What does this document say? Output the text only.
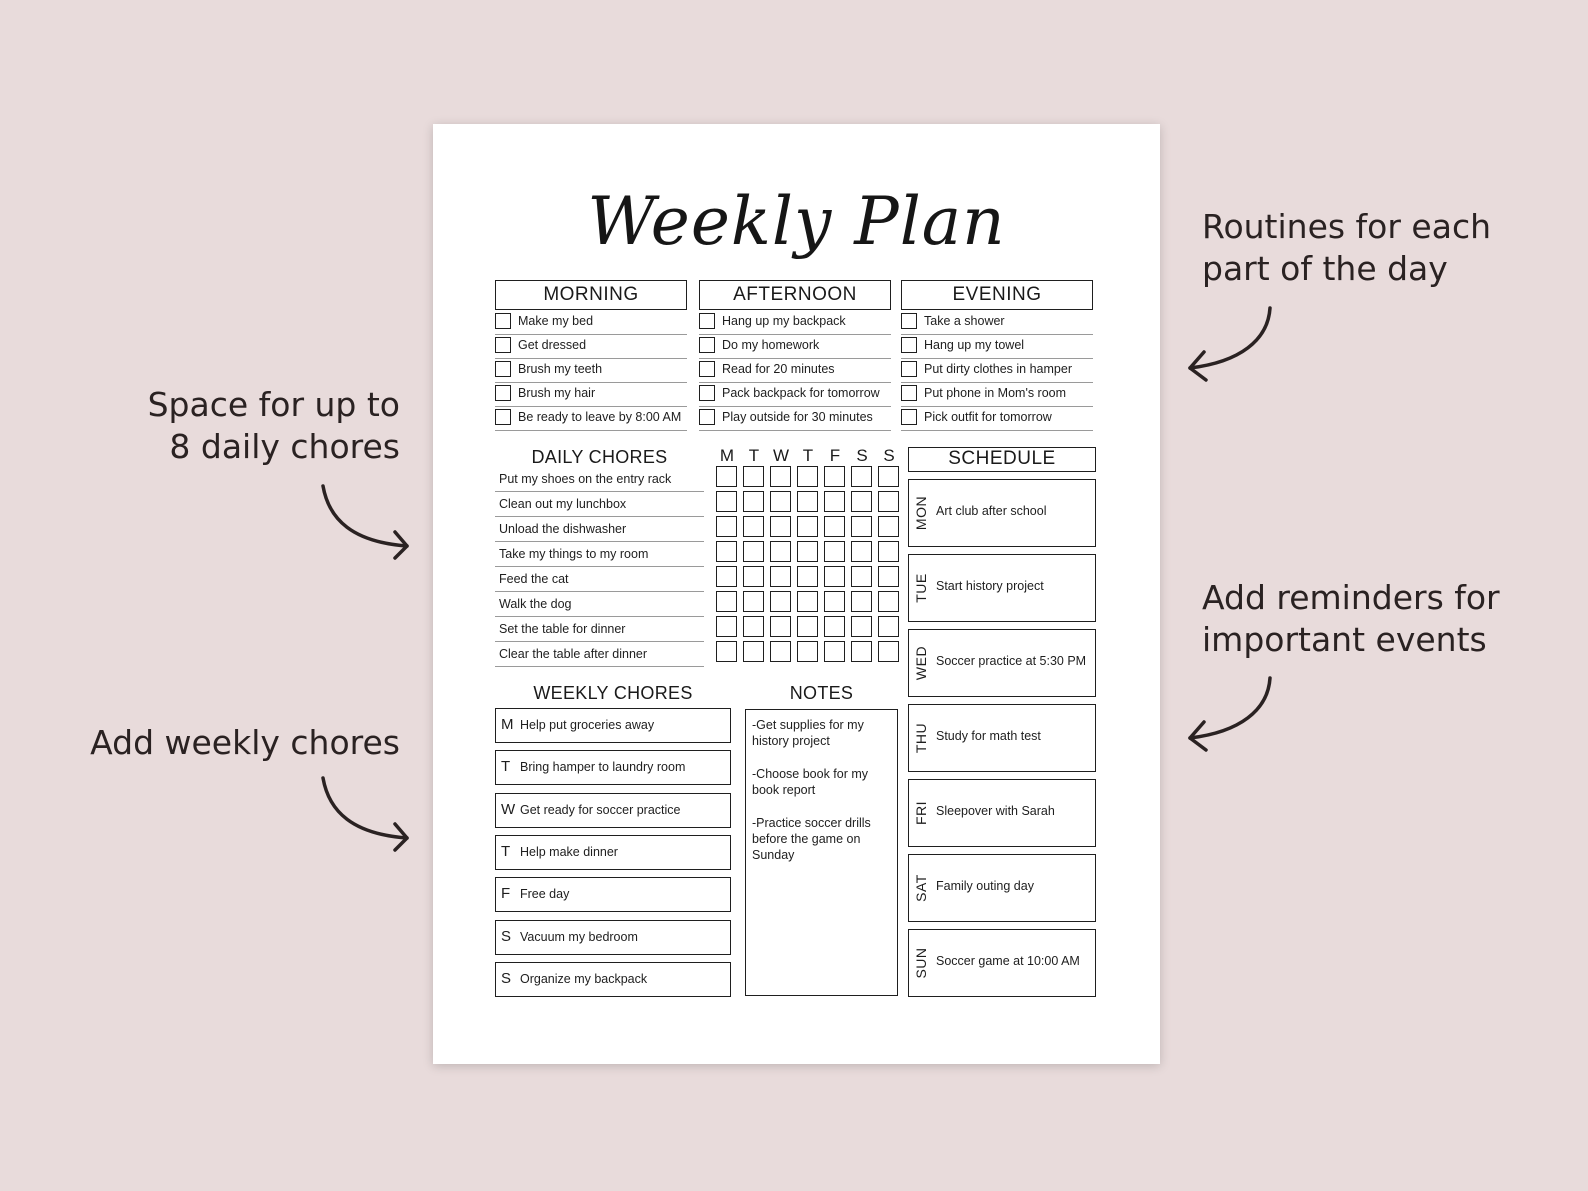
Routines for each
part of the day
Space for up to
8 daily chores
Add reminders for
important events
Add weekly chores
Weekly Plan
MORNING
Make my bed
Get dressed
Brush my teeth
Brush my hair
Be ready to leave by 8:00 AM
AFTERNOON
Hang up my backpack
Do my homework
Read for 20 minutes
Pack backpack for tomorrow
Play outside for 30 minutes
EVENING
Take a shower
Hang up my towel
Put dirty clothes in hamper
Put phone in Mom's room
Pick outfit for tomorrow
DAILY CHORES	M T W T F S S
Put my shoes on the entry rack
Clean out my lunchbox
Unload the dishwasher
Take my things to my room
Feed the cat
Walk the dog
Set the table for dinner
Clear the table after dinner
WEEKLY CHORES
M Help put groceries away
T Bring hamper to laundry room
W Get ready for soccer practice
T Help make dinner
F Free day
S Vacuum my bedroom
S Organize my backpack
NOTES
-Get supplies for my history project
-Choose book for my book report
-Practice soccer drills before the game on Sunday
SCHEDULE
MON Art club after school
TUE Start history project
WED Soccer practice at 5:30 PM
THU Study for math test
FRI Sleepover with Sarah
SAT Family outing day
SUN Soccer game at 10:00 AM
